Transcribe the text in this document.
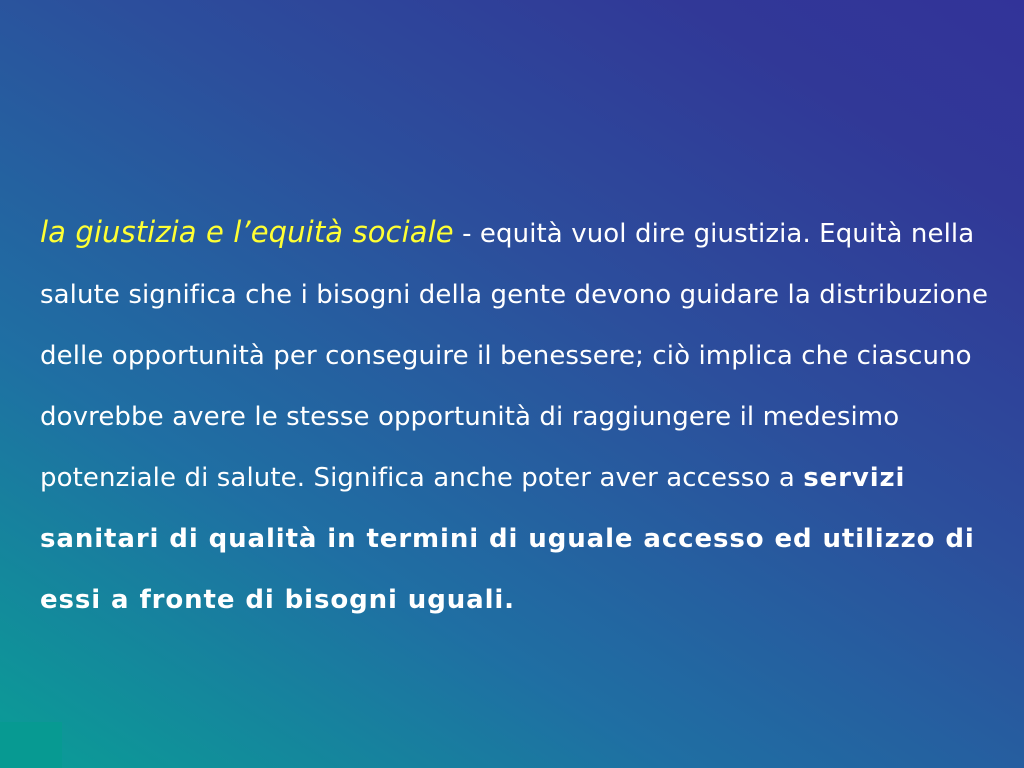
la giustizia e l’equità sociale - equità vuol dire giustizia. Equità nella salute significa che i bisogni della gente devono guidare la distribuzione delle opportunità per conseguire il benessere; ciò implica che ciascuno dovrebbe avere le stesse opportunità di raggiungere il medesimo potenziale di salute. Significa anche poter aver accesso a servizi sanitari di qualità in termini di uguale accesso ed utilizzo di essi a fronte di bisogni uguali.
